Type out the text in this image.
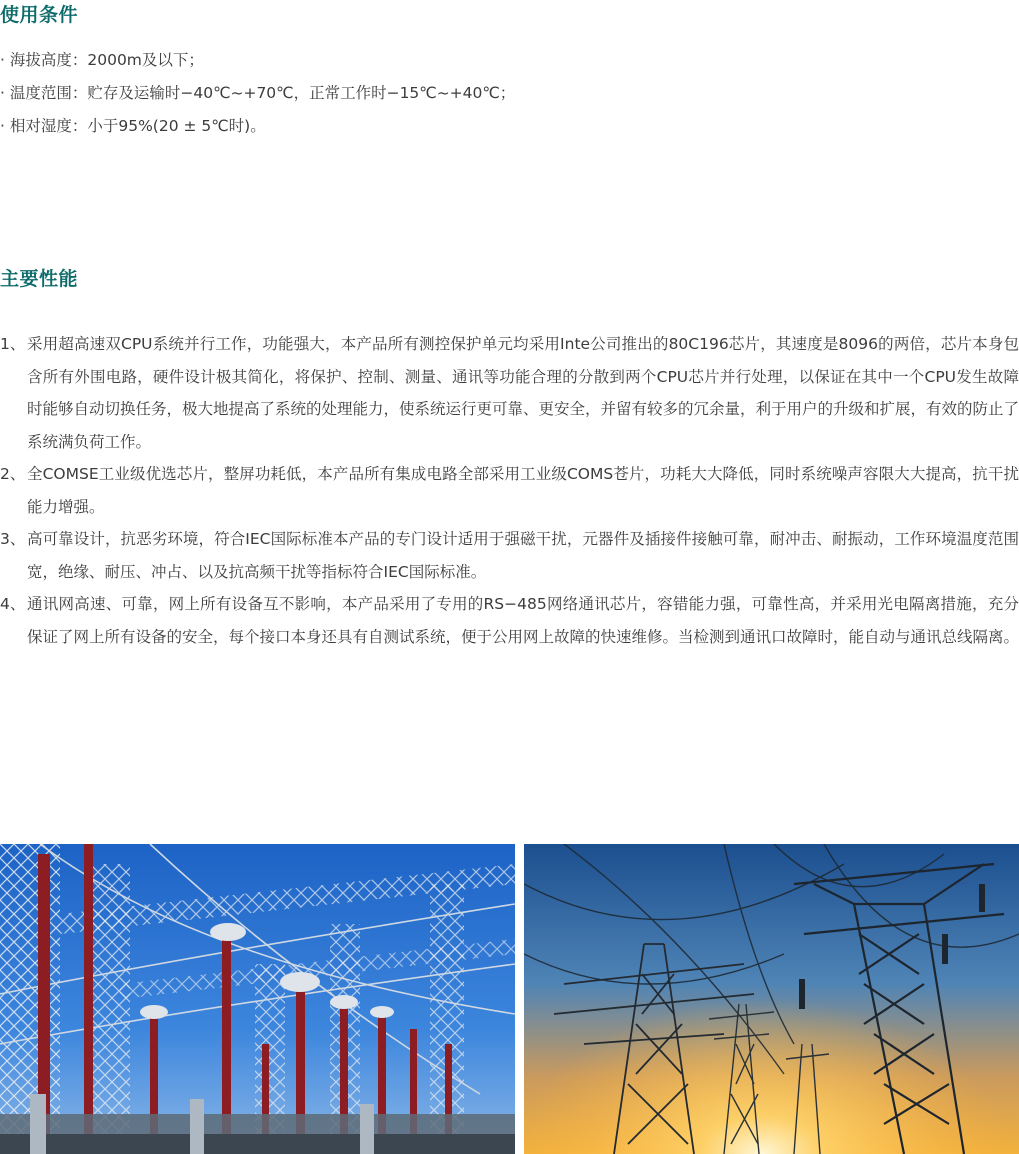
使用条件
· 海拔高度：2000m及以下；
· 温度范围：贮存及运输时−40℃~+70℃，正常工作时−15℃~+40℃；
· 相对湿度：小于95%(20 ± 5℃时)。
主要性能
1、 采用超高速双CPU系统并行工作，功能强大，本产品所有测控保护单元均采用Inte公司推出的80C196芯片，其速度是8096的两倍，芯片本身包含所有外围电路，硬件设计极其简化，将保护、控制、测量、通讯等功能合理的分散到两个CPU芯片并行处理，以保证在其中一个CPU发生故障时能够自动切换任务，极大地提高了系统的处理能力，使系统运行更可靠、更安全，并留有较多的冗余量，利于用户的升级和扩展，有效的防止了系统满负荷工作。
2、 全COMSE工业级优选芯片，整屏功耗低，本产品所有集成电路全部采用工业级COMS苍片，功耗大大降低，同时系统噪声容限大大提高，抗干扰能力增强。
3、 高可靠设计，抗恶劣环境，符合IEC国际标准本产品的专门设计适用于强磁干扰，元器件及插接件接触可靠，耐冲击、耐振动，工作环境温度范围宽，绝缘、耐压、冲占、以及抗高频干扰等指标符合IEC国际标准。
4、 通讯网高速、可靠，网上所有设备互不影响，本产品采用了专用的RS−485网络通讯芯片，容错能力强，可靠性高，并采用光电隔离措施，充分保证了网上所有设备的安全，每个接口本身还具有自测试系统，便于公用网上故障的快速维修。当检测到通讯口故障时，能自动与通讯总线隔离。
